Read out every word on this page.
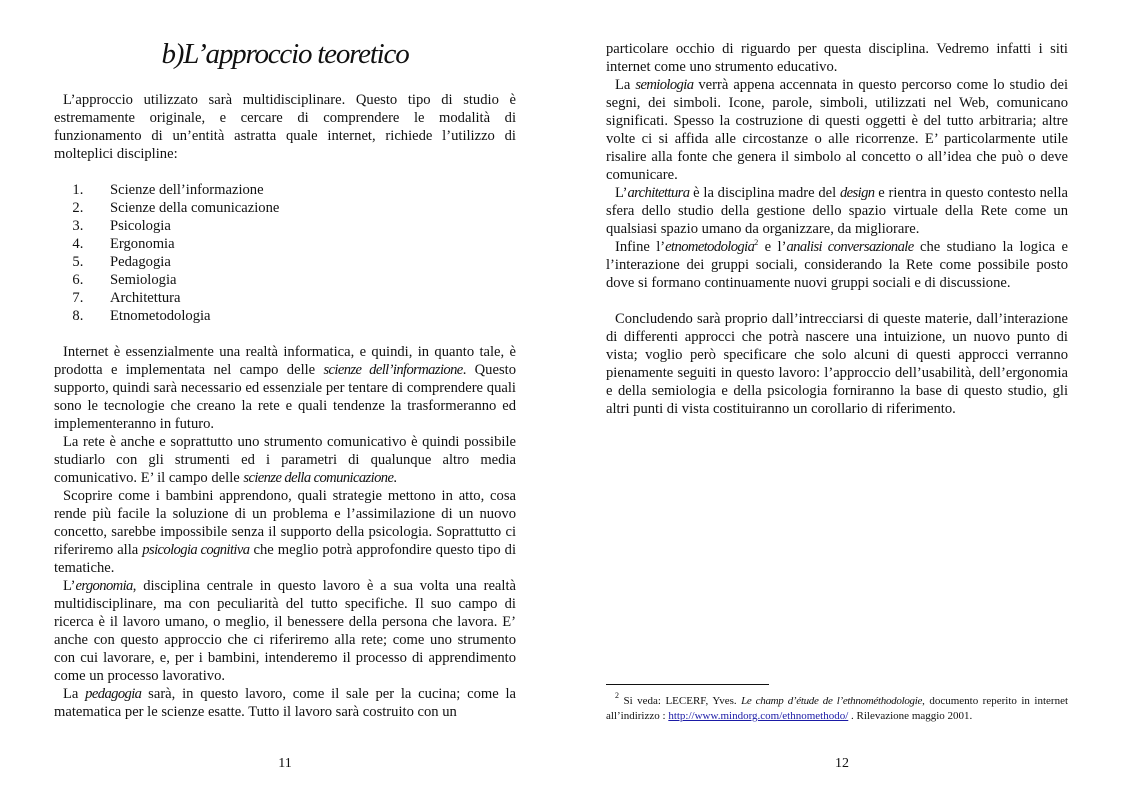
b)L’approccio teoretico

L’approccio utilizzato sarà multidisciplinare. Questo tipo di studio è estremamente originale, e cercare di comprendere le modalità di funzionamento di un’entità astratta quale internet, richiede l’utilizzo di molteplici discipline:

1. Scienze dell’informazione
2. Scienze della comunicazione
3. Psicologia
4. Ergonomia
5. Pedagogia
6. Semiologia
7. Architettura
8. Etnometodologia

Internet è essenzialmente una realtà informatica, e quindi, in quanto tale, è prodotta e implementata nel campo delle scienze dell’informazione. Questo supporto, quindi sarà necessario ed essenziale per tentare di comprendere quali sono le tecnologie che creano la rete e quali tendenze la trasformeranno ed implementeranno in futuro.

La rete è anche e soprattutto uno strumento comunicativo è quindi possibile studiarlo con gli strumenti ed i parametri di qualunque altro media comunicativo. E’ il campo delle scienze della comunicazione.

Scoprire come i bambini apprendono, quali strategie mettono in atto, cosa rende più facile la soluzione di un problema e l’assimilazione di un nuovo concetto, sarebbe impossibile senza il supporto della psicologia. Soprattutto ci riferiremo alla psicologia cognitiva che meglio potrà approfondire questo tipo di tematiche.

L’ergonomia, disciplina centrale in questo lavoro è a sua volta una realtà multidisciplinare, ma con peculiarità del tutto specifiche. Il suo campo di ricerca è il lavoro umano, o meglio, il benessere della persona che lavora. E’ anche con questo approccio che ci riferiremo alla rete; come uno strumento con cui lavorare, e, per i bambini, intenderemo il processo di apprendimento come un processo lavorativo.

La pedagogia sarà, in questo lavoro, come il sale per la cucina; come la matematica per le scienze esatte. Tutto il lavoro sarà costruito con un

11

particolare occhio di riguardo per questa disciplina. Vedremo infatti i siti internet come uno strumento educativo.

La semiologia verrà appena accennata in questo percorso come lo studio dei segni, dei simboli. Icone, parole, simboli, utilizzati nel Web, comunicano significati. Spesso la costruzione di questi oggetti è del tutto arbitraria; altre volte ci si affida alle circostanze o alle ricorrenze. E’ particolarmente utile risalire alla fonte che genera il simbolo al concetto o all’idea che può o deve comunicare.

L’architettura è la disciplina madre del design e rientra in questo contesto nella sfera dello studio della gestione dello spazio virtuale della Rete come un qualsiasi spazio umano da organizzare, da migliorare.

Infine l’etnometodologia$^2$ e l’analisi conversazionale che studiano la logica e l’interazione dei gruppi sociali, considerando la Rete come possibile posto dove si formano continuamente nuovi gruppi sociali e di discussione.

Concludendo sarà proprio dall’intrecciarsi di queste materie, dall’interazione di differenti approcci che potrà nascere una intuizione, un nuovo punto di vista; voglio però specificare che solo alcuni di questi approcci verranno pienamente seguiti in questo lavoro: l’approccio dell’usabilità, dell’ergonomia e della semiologia e della psicologia forniranno la base di questo studio, gli altri punti di vista costituiranno un corollario di riferimento.

$^2$ Si veda: LECERF, Yves. Le champ d’étude de l’ethnométhodologie, documento reperito in internet all’indirizzo : http://www.mindorg.com/ethnomethodo/ . Rilevazione maggio 2001.

12
